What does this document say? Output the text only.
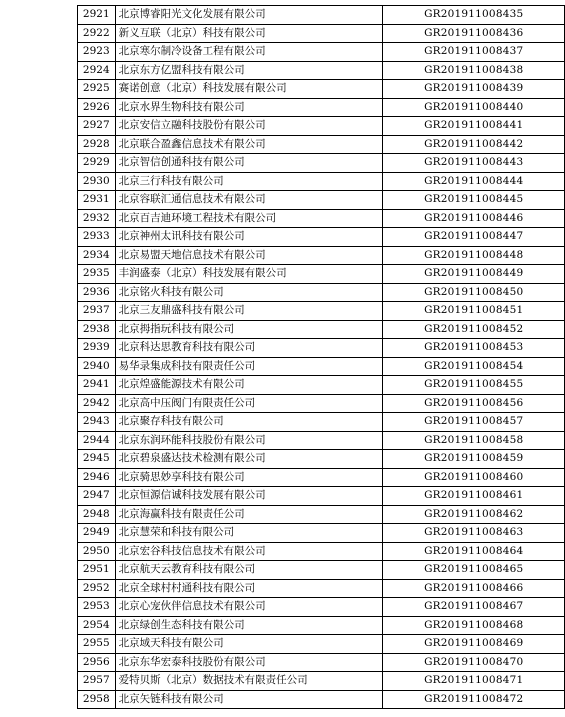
2921	北京博睿阳光文化发展有限公司	GR201911008435
2922	新义互联（北京）科技有限公司	GR201911008436
2923	北京寒尔制冷设备工程有限公司	GR201911008437
2924	北京东方亿盟科技有限公司	GR201911008438
2925	赛诺创意（北京）科技发展有限公司	GR201911008439
2926	北京水界生物科技有限公司	GR201911008440
2927	北京安信立融科技股份有限公司	GR201911008441
2928	北京联合盈鑫信息技术有限公司	GR201911008442
2929	北京智信创通科技有限公司	GR201911008443
2930	北京三行科技有限公司	GR201911008444
2931	北京容联汇通信息技术有限公司	GR201911008445
2932	北京百吉迪环境工程技术有限公司	GR201911008446
2933	北京神州太讯科技有限公司	GR201911008447
2934	北京易盟天地信息技术有限公司	GR201911008448
2935	丰润盛泰（北京）科技发展有限公司	GR201911008449
2936	北京铭火科技有限公司	GR201911008450
2937	北京三友鼎盛科技有限公司	GR201911008451
2938	北京拇指玩科技有限公司	GR201911008452
2939	北京科达思教育科技有限公司	GR201911008453
2940	易华录集成科技有限责任公司	GR201911008454
2941	北京煌盛能源技术有限公司	GR201911008455
2942	北京高中压阀门有限责任公司	GR201911008456
2943	北京聚存科技有限公司	GR201911008457
2944	北京东润环能科技股份有限公司	GR201911008458
2945	北京碧泉盛达技术检测有限公司	GR201911008459
2946	北京骑思妙享科技有限公司	GR201911008460
2947	北京恒源信诚科技发展有限公司	GR201911008461
2948	北京海赢科技有限责任公司	GR201911008462
2949	北京慧荣和科技有限公司	GR201911008463
2950	北京宏谷科技信息技术有限公司	GR201911008464
2951	北京航天云教育科技有限公司	GR201911008465
2952	北京全球村村通科技有限公司	GR201911008466
2953	北京心宠伙伴信息技术有限公司	GR201911008467
2954	北京绿创生态科技有限公司	GR201911008468
2955	北京域天科技有限公司	GR201911008469
2956	北京东华宏泰科技股份有限公司	GR201911008470
2957	爱特贝斯（北京）数据技术有限责任公司	GR201911008471
2958	北京矢链科技有限公司	GR201911008472
